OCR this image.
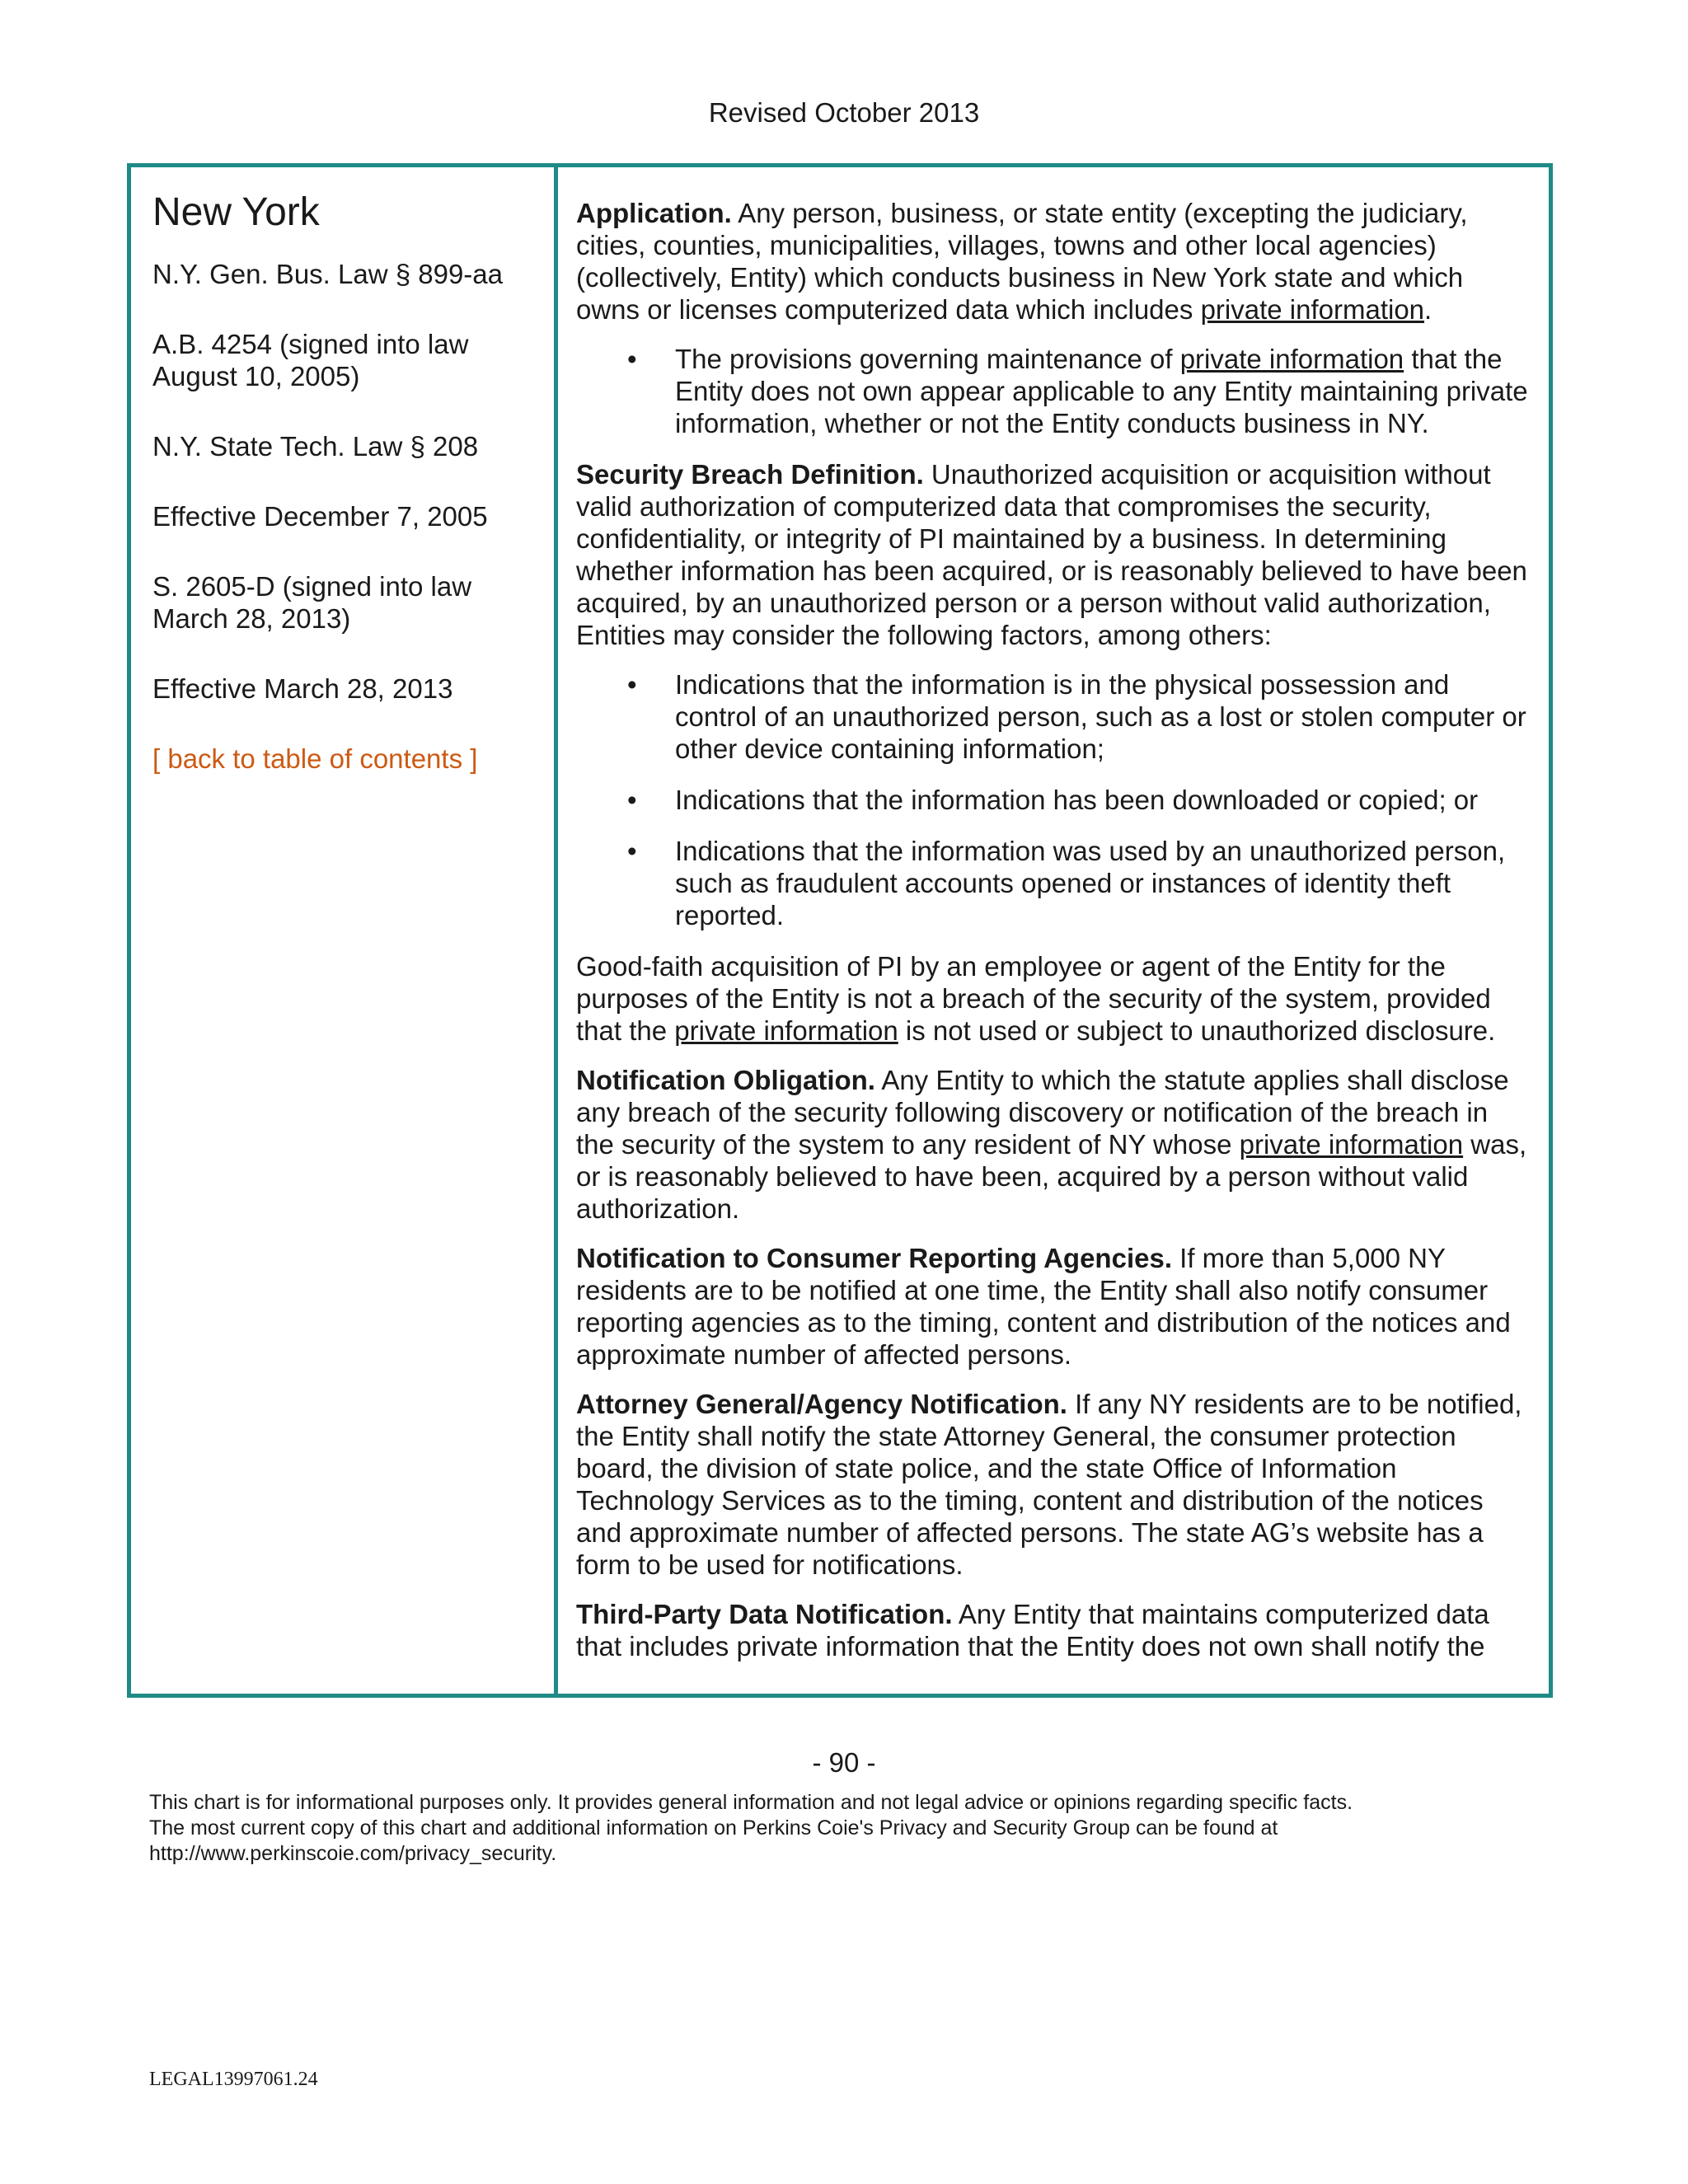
Revised October 2013
New York

N.Y. Gen. Bus. Law § 899-aa

A.B. 4254 (signed into law August 10, 2005)

N.Y. State Tech. Law § 208

Effective December 7, 2005

S. 2605-D (signed into law March 28, 2013)

Effective March 28, 2013

[ back to table of contents ]

Application. Any person, business, or state entity (excepting the judiciary, cities, counties, municipalities, villages, towns and other local agencies) (collectively, Entity) which conducts business in New York state and which owns or licenses computerized data which includes private information.

• The provisions governing maintenance of private information that the Entity does not own appear applicable to any Entity maintaining private information, whether or not the Entity conducts business in NY.

Security Breach Definition. Unauthorized acquisition or acquisition without valid authorization of computerized data that compromises the security, confidentiality, or integrity of PI maintained by a business. In determining whether information has been acquired, or is reasonably believed to have been acquired, by an unauthorized person or a person without valid authorization, Entities may consider the following factors, among others:

• Indications that the information is in the physical possession and control of an unauthorized person, such as a lost or stolen computer or other device containing information;
• Indications that the information has been downloaded or copied; or
• Indications that the information was used by an unauthorized person, such as fraudulent accounts opened or instances of identity theft reported.

Good-faith acquisition of PI by an employee or agent of the Entity for the purposes of the Entity is not a breach of the security of the system, provided that the private information is not used or subject to unauthorized disclosure.

Notification Obligation. Any Entity to which the statute applies shall disclose any breach of the security following discovery or notification of the breach in the security of the system to any resident of NY whose private information was, or is reasonably believed to have been, acquired by a person without valid authorization.

Notification to Consumer Reporting Agencies. If more than 5,000 NY residents are to be notified at one time, the Entity shall also notify consumer reporting agencies as to the timing, content and distribution of the notices and approximate number of affected persons.

Attorney General/Agency Notification. If any NY residents are to be notified, the Entity shall notify the state Attorney General, the consumer protection board, the division of state police, and the state Office of Information Technology Services as to the timing, content and distribution of the notices and approximate number of affected persons. The state AG’s website has a form to be used for notifications.

Third-Party Data Notification. Any Entity that maintains computerized data that includes private information that the Entity does not own shall notify the

- 90 -
This chart is for informational purposes only. It provides general information and not legal advice or opinions regarding specific facts.
The most current copy of this chart and additional information on Perkins Coie's Privacy and Security Group can be found at
http://www.perkinscoie.com/privacy_security.
LEGAL13997061.24
